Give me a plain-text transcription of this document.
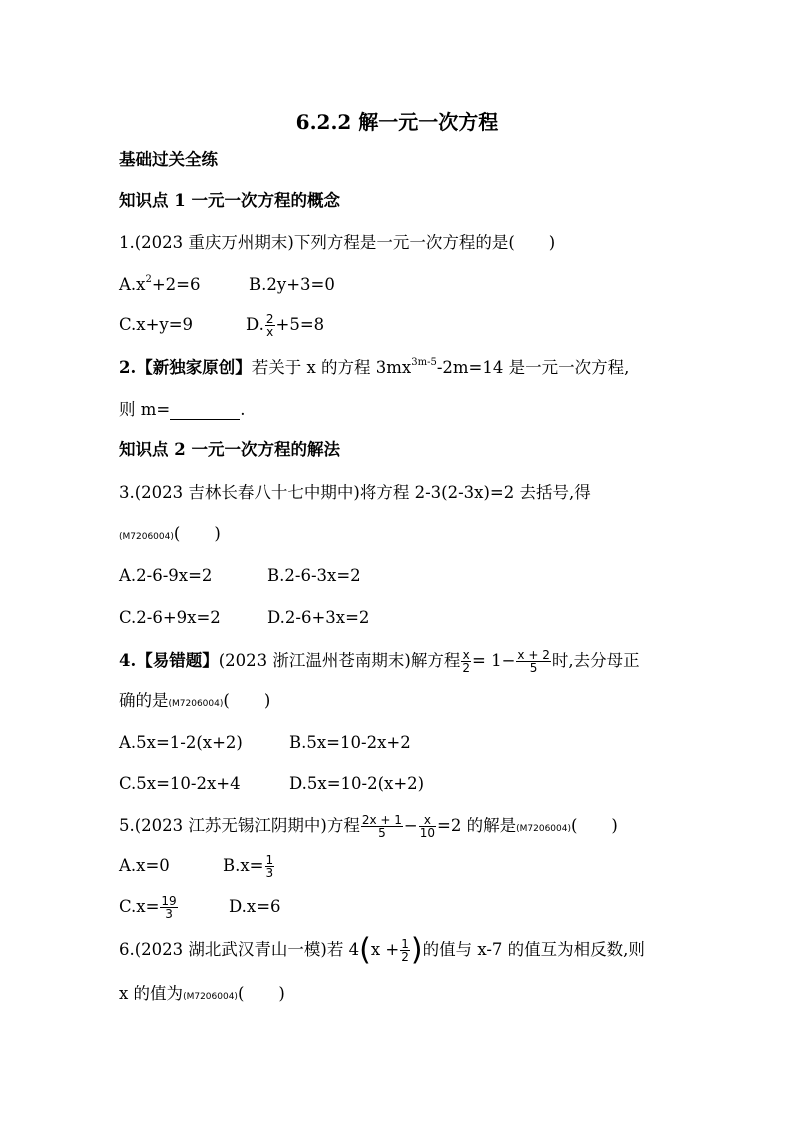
6.2.2 解一元一次方程
基础过关全练
知识点 1 一元一次方程的概念
1.(2023 重庆万州期末)下列方程是一元一次方程的是( )
$A.x^2+2=6$	B.2y+3=0
C.x+y=9	D. $\frac{2}{x} +5=8$
2.【新独家原创】若关于 x 的方程 $3mx^{3m-5}-2m=14$ 是一元一次方程,
则 m=	.
知识点 2 一元一次方程的解法
3.(2023 吉林长春八十七中期中)将方程 2-3(2-3x)=2 去括号,得
(M7206004)( )
A.2-6-9x=2	B.2-6-3x=2
C.2-6+9x=2	D.2-6+3x=2
4.【易错题】(2023 浙江温州苍南期末)解方程 $\frac{x}{2} = 1- \frac{x + 2}{5}$ 时,去分母正
确的是(M7206004)( )
A.5x=1-2(x+2)	B.5x=10-2x+2
C.5x=10-2x+4	D.5x=10-2(x+2)
5.(2023 江苏无锡江阴期中)方程 $\frac{2x + 1}{5} - \frac{x}{10} =2$ 的解是(M7206004)( )
A.x=0	$B.x= \frac{1}{3}$
$C.x= \frac{19}{3}$	D.x=6
6.(2023 湖北武汉青山一模)若 $4(x + \frac{1}{2}$ )的值与 x-7 的值互为相反数,则
x 的值为(M7206004)( )
